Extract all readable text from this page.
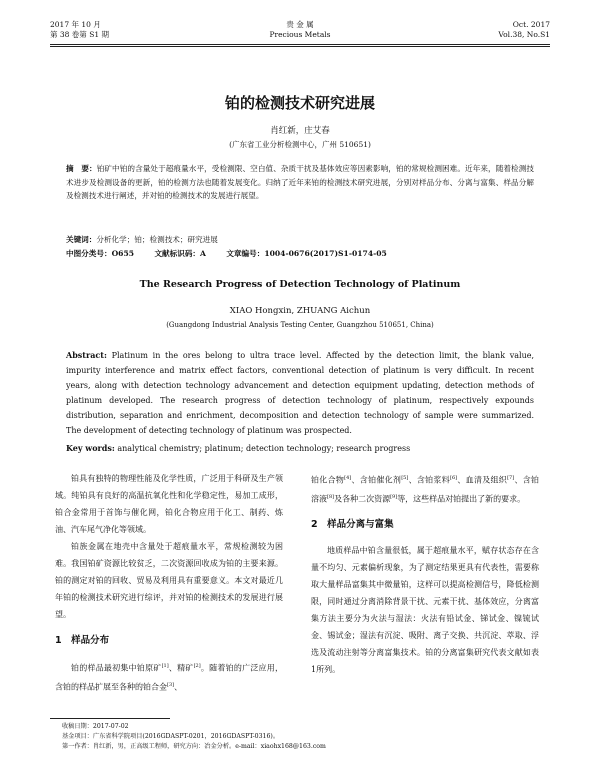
2017 年 10 月
第 38 卷第 S1 期
贵 金 属
Precious Metals
Oct. 2017
Vol.38, No.S1
铂的检测技术研究进展
肖红新，庄艾春
(广东省工业分析检测中心，广州 510651)
摘　要：铂矿中铂的含量处于超痕量水平，受检测限、空白值、杂质干扰及基体效应等因素影响，铂的常规检测困难。近年来，随着检测技术进步及检测设备的更新，铂的检测方法也随着发展变化。归纳了近年来铂的检测技术研究进展，分别对样品分布、分离与富集、样品分解及检测技术进行阐述，并对铂的检测技术的发展进行展望。
关键词：分析化学；铂；检测技术；研究进展
中图分类号：O655	文献标识码：A	文章编号：1004-0676(2017)S1-0174-05
The Research Progress of Detection Technology of Platinum
XIAO Hongxin, ZHUANG Aichun
(Guangdong Industrial Analysis Testing Center, Guangzhou 510651, China)
Abstract: Platinum in the ores belong to ultra trace level. Affected by the detection limit, the blank value, impurity interference and matrix effect factors, conventional detection of platinum is very difficult. In recent years, along with detection technology advancement and detection equipment updating, detection methods of platinum developed. The research progress of detection technology of platinum, respectively expounds distribution, separation and enrichment, decomposition and detection technology of sample were summarized. The development of detecting technology of platinum was prospected.
Key words: analytical chemistry; platinum; detection technology; research progress

铂具有独特的物理性能及化学性质，广泛用于科研及生产领域。纯铂具有良好的高温抗氧化性和化学稳定性，易加工成形，铂合金常用于首饰与催化网，铂化合物应用于化工、制药、炼油、汽车尾气净化等领域。

铂族金属在地壳中含量处于超痕量水平，常规检测较为困难。我国铂矿资源比较贫乏，二次资源回收成为铂的主要来源。铂的测定对铂的回收、贸易及利用具有重要意义。本文对最近几年铂的检测技术研究进行综评，并对铂的检测技术的发展进行展望。

1　样品分布

铂的样品最初集中铂原矿[1]、精矿[2]。随着铂的广泛应用，含铂的样品扩展至各种的铂合金[3]、

铂化合物[4]、含铂催化剂[5]、含铂浆料[6]、血清及组织[7]、含铂溶液[8]及各种二次资源[9]等，这些样品对铂提出了新的要求。

2　样品分离与富集

地质样品中铂含量很低，属于超痕量水平，赋存状态存在含量不均匀、元素偏析现象，为了测定结果更具有代表性，需要称取大量样品富集其中微量铂，这样可以提高检测信号，降低检测限，同时通过分离消除背景干扰、元素干扰、基体效应，分离富集方法主要分为火法与湿法：火法有铅试金、锑试金、镍锍试金、锡试金；湿法有沉淀、吸附、离子交换、共沉淀、萃取、浮选及流动注射等分离富集技术。铂的分离富集研究代表文献如表1所列。

收稿日期：2017-07-02
基金项目：广东省科学院项目(2016GDASPT-0201，2016GDASPT-0316)。
第一作者：肖红新，男，正高级工程师，研究方向：冶金分析。e-mail：xiaohx168@163.com
